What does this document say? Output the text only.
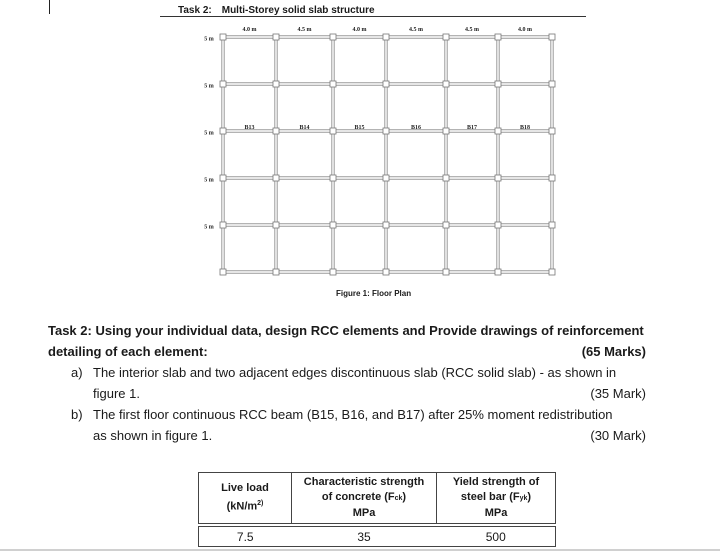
Task 2: Multi-Storey solid slab structure
4.0 m	4.5 m	4.0 m	4.5 m	4.5 m	4.0 m
5 m
5 m
5 m
5 m
5 m
B13	B14	B15	B16	B17	B18
Figure 1: Floor Plan
Task 2: Using your individual data, design RCC elements and Provide drawings of reinforcement
detailing of each element:	(65 Marks)
a) The interior slab and two adjacent edges discontinuous slab (RCC solid slab) - as shown in
figure 1.	(35 Mark)
b) The first floor continuous RCC beam (B15, B16, and B17) after 25% moment redistribution
as shown in figure 1.	(30 Mark)
Live load
($kN/m^{2)}$	Characteristic strength
of concrete (Fck)
MPa	Yield strength of
steel bar (Fyk)
MPa

7.5	35	500
